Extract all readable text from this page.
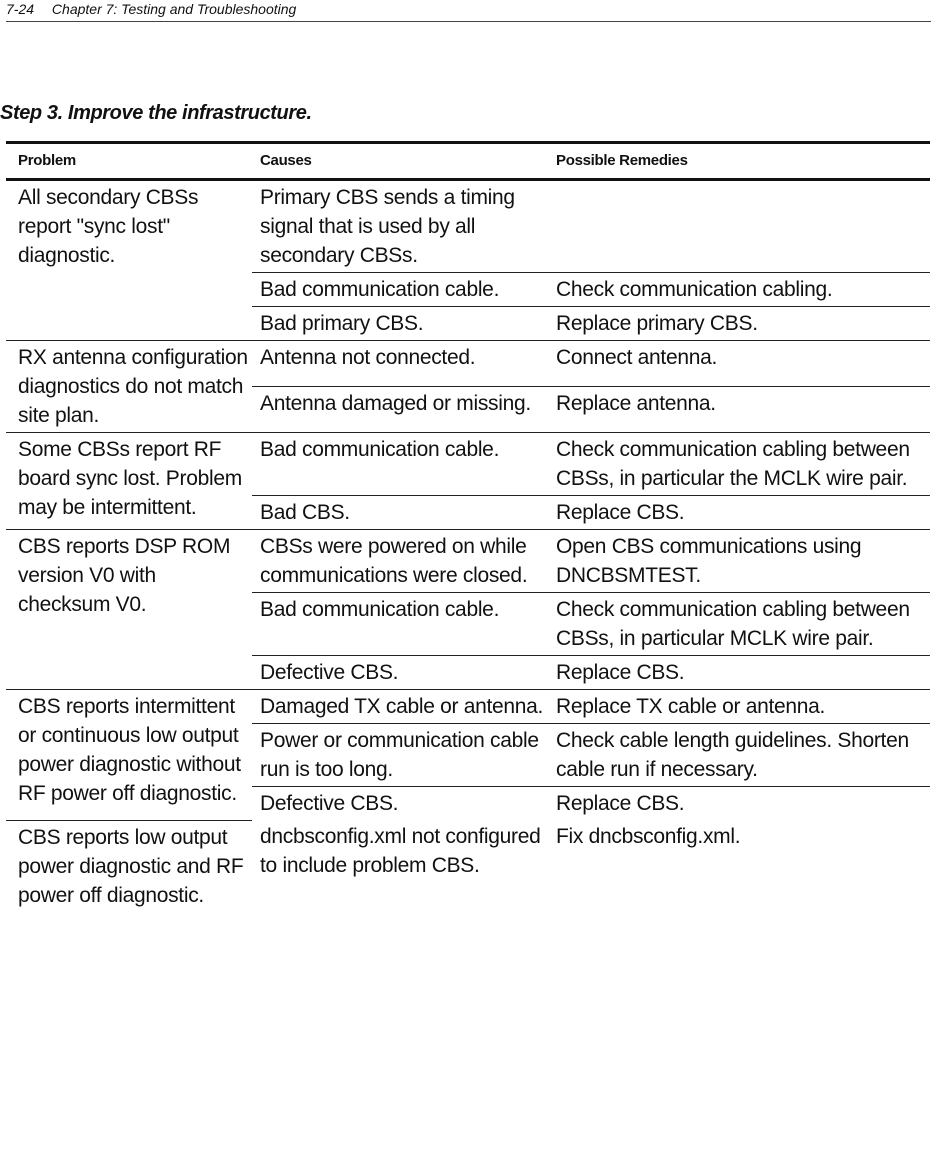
7-24 Chapter 7: Testing and Troubleshooting
Step 3. Improve the infrastructure.
Problem	Causes	Possible Remedies
All secondary CBSs report "sync lost" diagnostic.	Primary CBS sends a timing signal that is used by all secondary CBSs.	
	Bad communication cable.	Check communication cabling.
	Bad primary CBS.	Replace primary CBS.
RX antenna configuration diagnostics do not match site plan.	Antenna not connected.	Connect antenna.
	Antenna damaged or missing.	Replace antenna.
Some CBSs report RF board sync lost. Problem may be intermittent.	Bad communication cable.	Check communication cabling between CBSs, in particular the MCLK wire pair.
	Bad CBS.	Replace CBS.
CBS reports DSP ROM version V0 with checksum V0.	CBSs were powered on while communications were closed.	Open CBS communications using DNCBSMTEST.
	Bad communication cable.	Check communication cabling between CBSs, in particular MCLK wire pair.
	Defective CBS.	Replace CBS.
CBS reports intermittent or continuous low output power diagnostic without RF power off diagnostic.	Damaged TX cable or antenna.	Replace TX cable or antenna.
	Power or communication cable run is too long.	Check cable length guidelines. Shorten cable run if necessary.
	Defective CBS.	Replace CBS.
CBS reports low output power diagnostic and RF power off diagnostic.	dncbsconfig.xml not configured to include problem CBS.	Fix dncbsconfig.xml.
